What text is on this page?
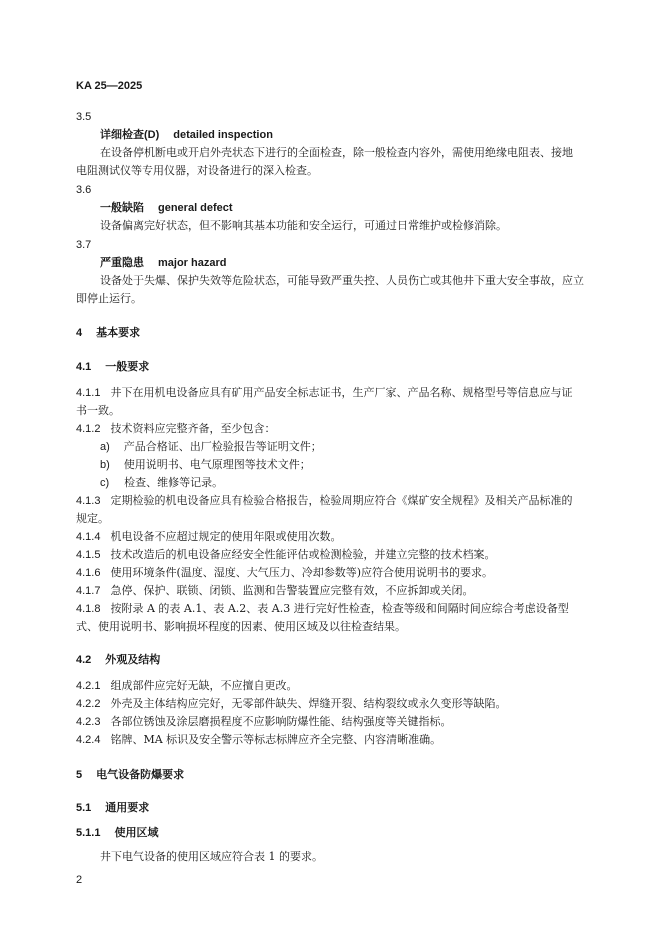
KA 25—2025
3.5
详细检查(D) detailed inspection
在设备停机断电或开启外壳状态下进行的全面检查，除一般检查内容外，需使用绝缘电阻表、接地
电阻测试仪等专用仪器，对设备进行的深入检查。
3.6
一般缺陷 general defect
设备偏离完好状态，但不影响其基本功能和安全运行，可通过日常维护或检修消除。
3.7
严重隐患 major hazard
设备处于失爆、保护失效等危险状态，可能导致严重失控、人员伤亡或其他井下重大安全事故，应立
即停止运行。
4 基本要求
4.1 一般要求
4.1.1 井下在用机电设备应具有矿用产品安全标志证书，生产厂家、产品名称、规格型号等信息应与证
书一致。
4.1.2 技术资料应完整齐备，至少包含：
a) 产品合格证、出厂检验报告等证明文件；
b) 使用说明书、电气原理图等技术文件；
c) 检查、维修等记录。
4.1.3 定期检验的机电设备应具有检验合格报告，检验周期应符合《煤矿安全规程》及相关产品标准的
规定。
4.1.4 机电设备不应超过规定的使用年限或使用次数。
4.1.5 技术改造后的机电设备应经安全性能评估或检测检验，并建立完整的技术档案。
4.1.6 使用环境条件(温度、湿度、大气压力、冷却参数等)应符合使用说明书的要求。
4.1.7 急停、保护、联锁、闭锁、监测和告警装置应完整有效，不应拆卸或关闭。
4.1.8 按附录 A 的表 A.1、表 A.2、表 A.3 进行完好性检查，检查等级和间隔时间应综合考虑设备型
式、使用说明书、影响损坏程度的因素、使用区域及以往检查结果。
4.2 外观及结构
4.2.1 组成部件应完好无缺，不应擅自更改。
4.2.2 外壳及主体结构应完好，无零部件缺失、焊缝开裂、结构裂纹或永久变形等缺陷。
4.2.3 各部位锈蚀及涂层磨损程度不应影响防爆性能、结构强度等关键指标。
4.2.4 铭牌、MA 标识及安全警示等标志标牌应齐全完整、内容清晰准确。
5 电气设备防爆要求
5.1 通用要求
5.1.1 使用区域
井下电气设备的使用区域应符合表 1 的要求。
2
